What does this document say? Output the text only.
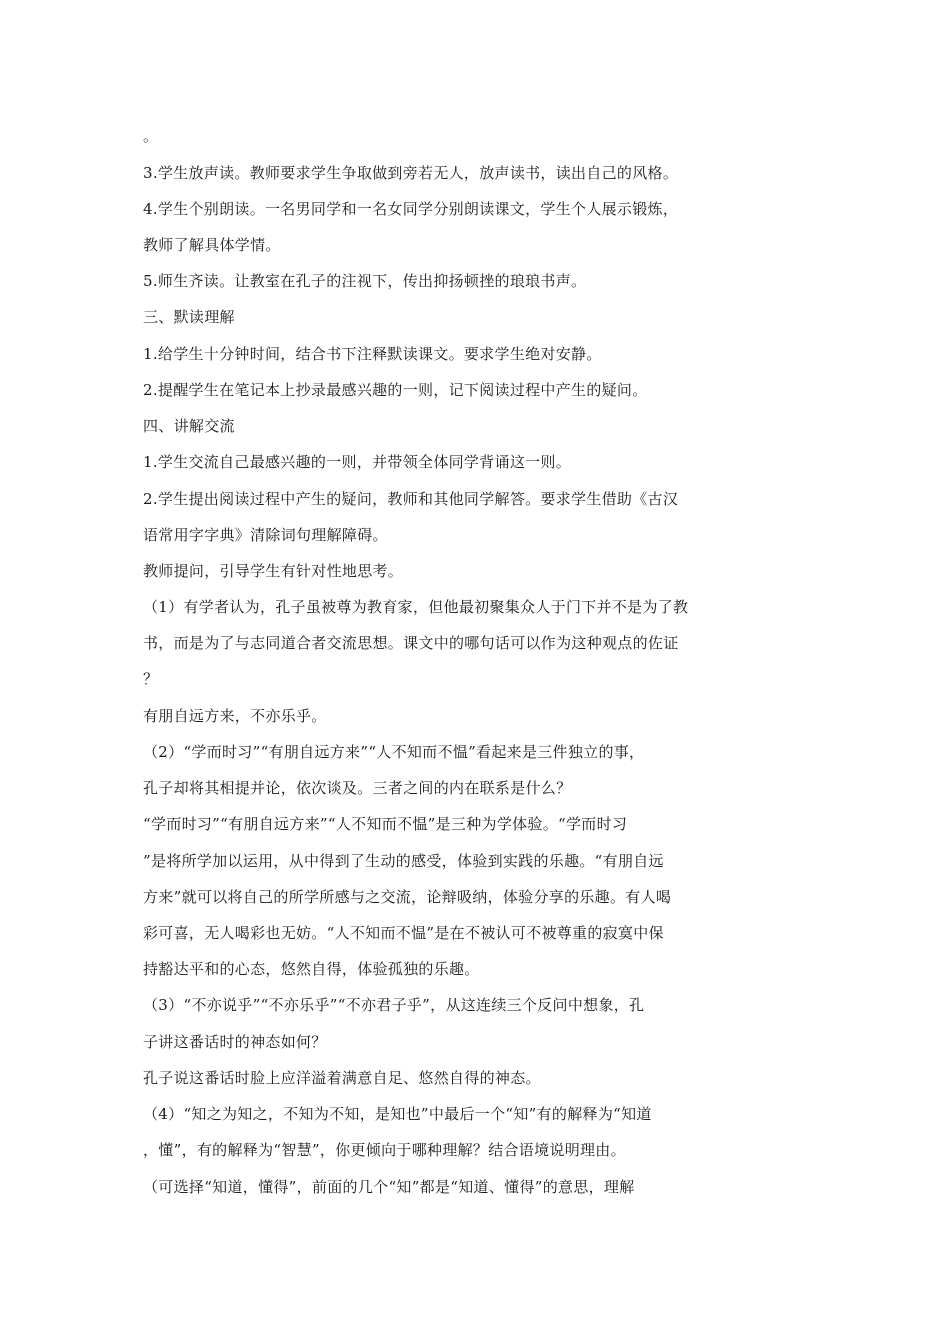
。
3.学生放声读。教师要求学生争取做到旁若无人，放声读书，读出自己的风格。
4.学生个别朗读。一名男同学和一名女同学分别朗读课文，学生个人展示锻炼，
教师了解具体学情。
5.师生齐读。让教室在孔子的注视下，传出抑扬顿挫的琅琅书声。
三、默读理解
1.给学生十分钟时间，结合书下注释默读课文。要求学生绝对安静。
2.提醒学生在笔记本上抄录最感兴趣的一则，记下阅读过程中产生的疑问。
四、讲解交流
1.学生交流自己最感兴趣的一则，并带领全体同学背诵这一则。
2.学生提出阅读过程中产生的疑问，教师和其他同学解答。要求学生借助《古汉
语常用字字典》清除词句理解障碍。
教师提问，引导学生有针对性地思考。
（1）有学者认为，孔子虽被尊为教育家，但他最初聚集众人于门下并不是为了教
书，而是为了与志同道合者交流思想。课文中的哪句话可以作为这种观点的佐证
？
有朋自远方来，不亦乐乎。
（2）“学而时习”“有朋自远方来”“人不知而不愠”看起来是三件独立的事，
孔子却将其相提并论，依次谈及。三者之间的内在联系是什么？
“学而时习”“有朋自远方来”“人不知而不愠”是三种为学体验。“学而时习
”是将所学加以运用，从中得到了生动的感受，体验到实践的乐趣。“有朋自远
方来”就可以将自己的所学所感与之交流，论辩吸纳，体验分享的乐趣。有人喝
彩可喜，无人喝彩也无妨。“人不知而不愠”是在不被认可不被尊重的寂寞中保
持豁达平和的心态，悠然自得，体验孤独的乐趣。
（3）“不亦说乎”“不亦乐乎”“不亦君子乎”，从这连续三个反问中想象，孔
子讲这番话时的神态如何？
孔子说这番话时脸上应洋溢着满意自足、悠然自得的神态。
（4）“知之为知之，不知为不知，是知也”中最后一个“知”有的解释为“知道
，懂”，有的解释为“智慧”，你更倾向于哪种理解？结合语境说明理由。
（可选择“知道，懂得”，前面的几个“知”都是“知道、懂得”的意思，理解
